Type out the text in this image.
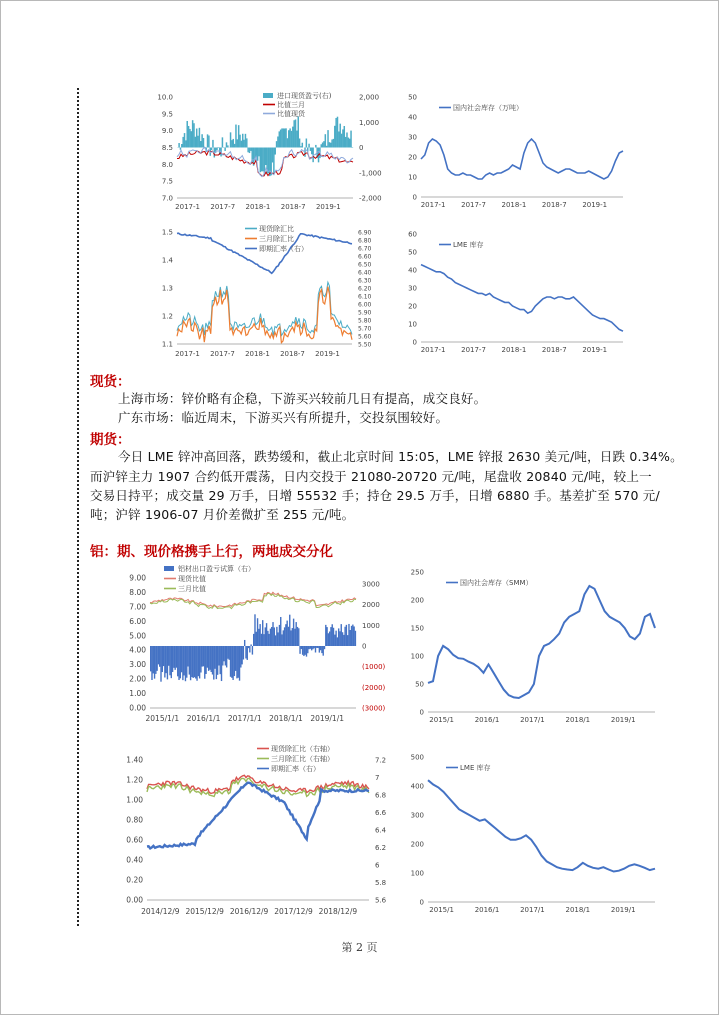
10.0
9.5
9.0
8.5
8.0
7.5
7.0
2,000
1,000
0
-1,000
-2,000
2017-1 2017-7 2018-1 2018-7 2019-1
进口现货盈亏(右)
比值三月
比值现货
50
40
30
20
10
0
2017-1 2017-7 2018-1 2018-7 2019-1
国内社会库存（万吨）
1.5
1.4
1.3
1.2
1.1
6.90
6.80
6.70
6.60
6.50
6.40
6.30
6.20
6.10
6.00
5.90
5.80
5.70
5.60
5.50
2017-1 2017-7 2018-1 2018-7 2019-1
现货除汇比
三月除汇比
即期汇率（右）
60
50
40
30
20
10
0
2017-1 2017-7 2018-1 2018-7 2019-1
LME 库存
现货：
上海市场：锌价略有企稳，下游买兴较前几日有提高，成交良好。
广东市场：临近周末，下游买兴有所提升，交投氛围较好。
期货：
今日 LME 锌冲高回落，跌势缓和，截止北京时间 15:05，LME 锌报 2630 美元/吨，日跌 0.34%。
而沪锌主力 1907 合约低开震荡，日内交投于 21080-20720 元/吨，尾盘收 20840 元/吨，较上一
交易日持平；成交量 29 万手，日增 55532 手；持仓 29.5 万手，日增 6880 手。基差扩至 570 元/
吨；沪锌 1906-07 月价差微扩至 255 元/吨。
铝：期、现价格携手上行，两地成交分化
9.00
8.00
7.00
6.00
5.00
4.00
3.00
2.00
1.00
0.00
3000
2000
1000
0
(1000)
(2000)
(3000)
2015/1/1 2016/1/1 2017/1/1 2018/1/1 2019/1/1
铝材出口盈亏试算（右）
现货比值
三月比值
250
200
150
100
50
0
2015/1	2016/1	2017/1	2018/1	2019/1
国内社会库存（SMM）
1.40
1.20
1.00
0.80
0.60
0.40
0.20
0.00
7.2
7
6.8
6.6
6.4
6.2
6
5.8
5.6
2014/12/9 2015/12/9 2016/12/9 2017/12/9 2018/12/9
现货除汇比（右轴）
三月除汇比（右轴）
即期汇率（右）
500
400
300
200
100
0
2015/1	2016/1	2017/1	2018/1	2019/1
LME 库存
第 2 页
